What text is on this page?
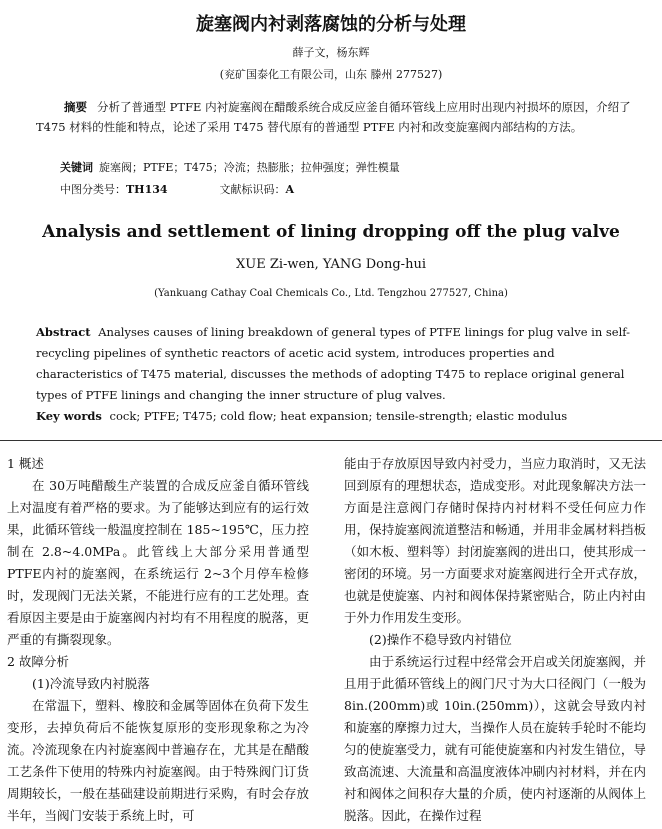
旋塞阀内衬剥落腐蚀的分析与处理
薛子文，杨东辉
(兖矿国泰化工有限公司，山东 滕州 277527)
摘要 分析了普通型 PTFE 内衬旋塞阀在醋酸系统合成反应釜自循环管线上应用时出现内衬损坏的原因，介绍了 T475 材料的性能和特点，论述了采用 T475 替代原有的普通型 PTFE 内衬和改变旋塞阀内部结构的方法。
关键词 旋塞阀；PTFE；T475；冷流；热膨胀；拉伸强度；弹性模量
中图分类号：TH134	文献标识码：A
Analysis and settlement of lining dropping off the plug valve
XUE Zi-wen, YANG Dong-hui
(Yankuang Cathay Coal Chemicals Co., Ltd. Tengzhou 277527, China)
Abstract Analyses causes of lining breakdown of general types of PTFE linings for plug valve in self-recycling pipelines of synthetic reactors of acetic acid system, introduces properties and characteristics of T475 material, discusses the methods of adopting T475 to replace original general types of PTFE linings and changing the inner structure of plug valves.
Key words cock; PTFE; T475; cold flow; heat expansion; tensile-strength; elastic modulus

1 概述

在 30万吨醋酸生产装置的合成反应釜自循环管线上对温度有着严格的要求。为了能够达到应有的运行效果，此循环管线一般温度控制在 185~195℃，压力控制在 2.8~4.0MPa。此管线上大部分采用普通型 PTFE内衬的旋塞阀，在系统运行 2~3个月停车检修时，发现阀门无法关紧，不能进行应有的工艺处理。查看原因主要是由于旋塞阀内衬均有不用程度的脱落，更严重的有撕裂现象。

2 故障分析

(1)冷流导致内衬脱落

在常温下，塑料、橡胶和金属等固体在负荷下发生变形，去掉负荷后不能恢复原形的变形现象称之为冷流。冷流现象在内衬旋塞阀中普遍存在，尤其是在醋酸工艺条件下使用的特殊内衬旋塞阀。由于特殊阀门订货周期较长，一般在基础建设前期进行采购，有时会存放半年，当阀门安装于系统上时，可

能由于存放原因导致内衬受力，当应力取消时，又无法回到原有的理想状态，造成变形。对此现象解决方法一方面是注意阀门存储时保持内衬材料不受任何应力作用，保持旋塞阀流道整洁和畅通，并用非金属材料挡板（如木板、塑料等）封闭旋塞阀的进出口，使其形成一密闭的环境。另一方面要求对旋塞阀进行全开式存放，也就是使旋塞、内衬和阀体保持紧密贴合，防止内衬由于外力作用发生变形。

(2)操作不稳导致内衬错位

由于系统运行过程中经常会开启或关闭旋塞阀，并且用于此循环管线上的阀门尺寸为大口径阀门（一般为 8in.(200mm)或 10in.(250mm)），这就会导致内衬和旋塞的摩擦力过大，当操作人员在旋转手轮时不能均匀的使旋塞受力，就有可能使旋塞和内衬发生错位，导致高流速、大流量和高温度液体冲刷内衬材料，并在内衬和阀体之间积存大量的介质，使内衬逐渐的从阀体上脱落。因此，在操作过程
